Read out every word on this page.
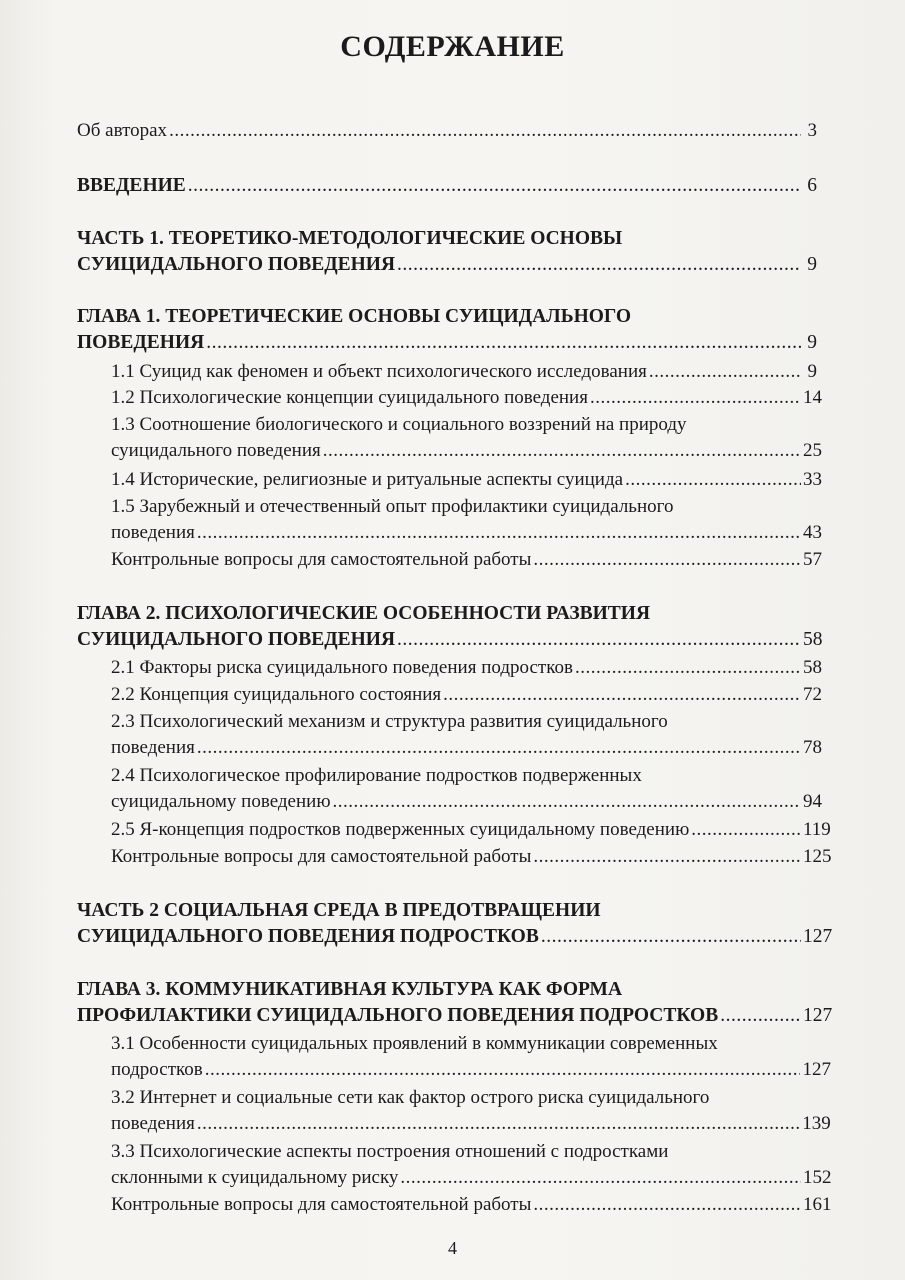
СОДЕРЖАНИЕ
Об авторах .....	3
ВВЕДЕНИЕ .....	6
ЧАСТЬ 1. ТЕОРЕТИКО-МЕТОДОЛОГИЧЕСКИЕ ОСНОВЫ
СУИЦИДАЛЬНОГО ПОВЕДЕНИЯ .....	9
ГЛАВА 1. ТЕОРЕТИЧЕСКИЕ ОСНОВЫ СУИЦИДАЛЬНОГО
ПОВЕДЕНИЯ .....	9
1.1 Суицид как феномен и объект психологического исследования .....	9
1.2 Психологические концепции суицидального поведения .....	14
1.3 Соотношение биологического и социального воззрений на природу
суицидального поведения .....	25
1.4 Исторические, религиозные и ритуальные аспекты суицида .....	33
1.5 Зарубежный и отечественный опыт профилактики суицидального
поведения .....	43
Контрольные вопросы для самостоятельной работы .....	57
ГЛАВА 2. ПСИХОЛОГИЧЕСКИЕ ОСОБЕННОСТИ РАЗВИТИЯ
СУИЦИДАЛЬНОГО ПОВЕДЕНИЯ .....	58
2.1 Факторы риска суицидального поведения подростков .....	58
2.2 Концепция суицидального состояния .....	72
2.3 Психологический механизм и структура развития суицидального
поведения .....	78
2.4 Психологическое профилирование подростков подверженных
суицидальному поведению .....	94
2.5 Я-концепция подростков подверженных суицидальному поведению .....	119
Контрольные вопросы для самостоятельной работы .....	125
ЧАСТЬ 2 СОЦИАЛЬНАЯ СРЕДА В ПРЕДОТВРАЩЕНИИ
СУИЦИДАЛЬНОГО ПОВЕДЕНИЯ ПОДРОСТКОВ .....	127
ГЛАВА 3. КОММУНИКАТИВНАЯ КУЛЬТУРА КАК ФОРМА
ПРОФИЛАКТИКИ СУИЦИДАЛЬНОГО ПОВЕДЕНИЯ ПОДРОСТКОВ .....	127
3.1 Особенности суицидальных проявлений в коммуникации современных
подростков .....	127
3.2 Интернет и социальные сети как фактор острого риска суицидального
поведения .....	139
3.3 Психологические аспекты построения отношений с подростками
склонными к суицидальному риску .....	152
Контрольные вопросы для самостоятельной работы .....	161
4
